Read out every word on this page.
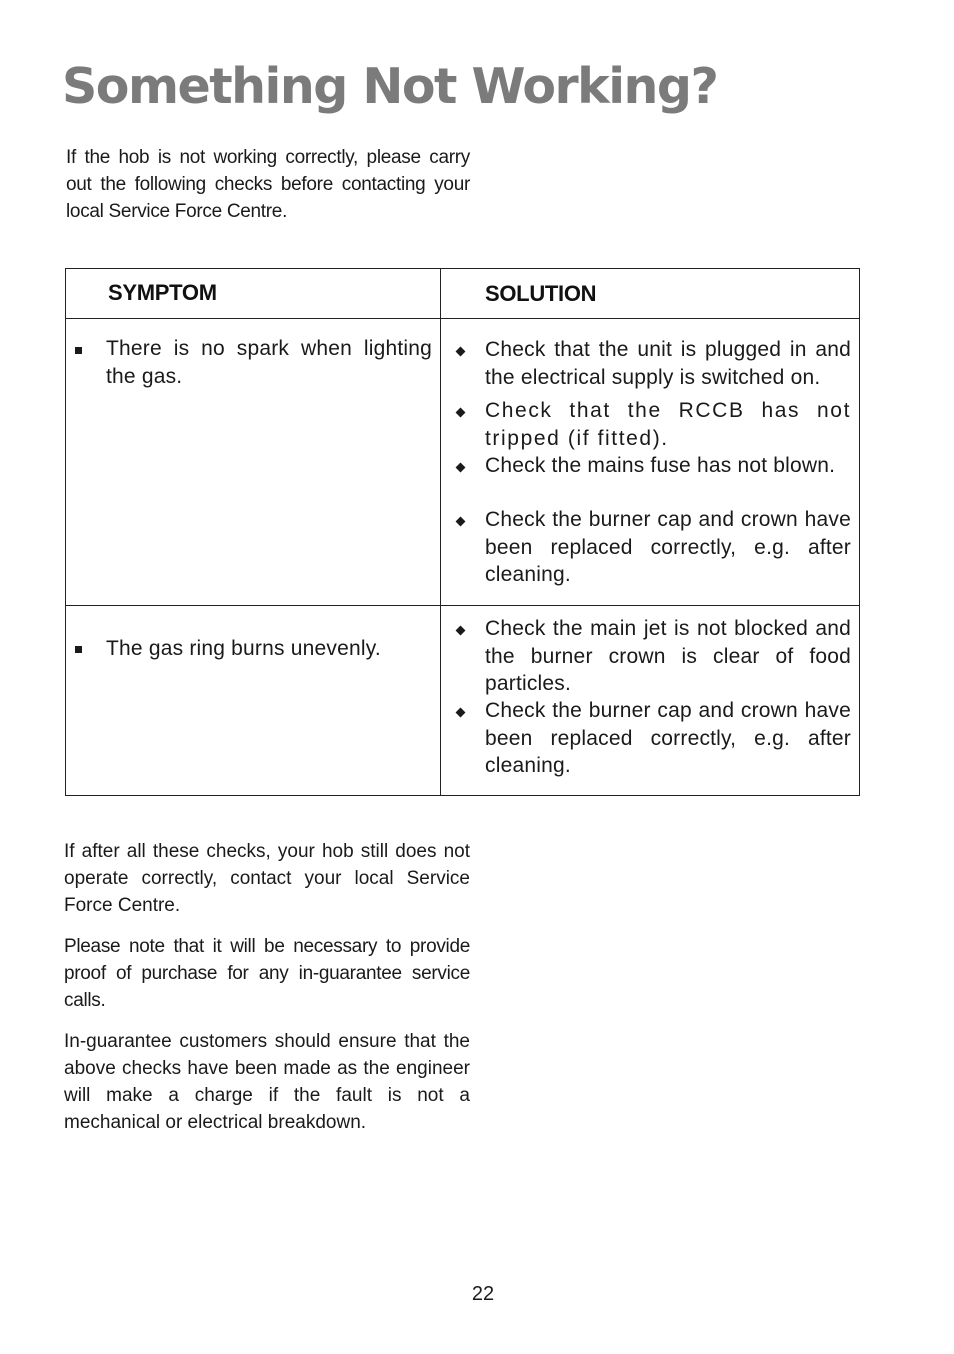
Something Not Working?

If the hob is not working correctly, please carry out the following checks before contacting your local Service Force Centre.

SYMPTOM	SOLUTION
There is no spark when lighting the gas.
Check that the unit is plugged in and the electrical supply is switched on.
Check that the RCCB has not tripped (if fitted).
Check the mains fuse has not blown.
Check the burner cap and crown have been replaced correctly, e.g. after cleaning.
The gas ring burns unevenly.
Check the main jet is not blocked and the burner crown is clear of food particles.
Check the burner cap and crown have been replaced correctly, e.g. after cleaning.

If after all these checks, your hob still does not operate correctly, contact your local Service Force Centre.

Please note that it will be necessary to provide proof of purchase for any in-guarantee service calls.

In-guarantee customers should ensure that the above checks have been made as the engineer will make a charge if the fault is not a mechanical or electrical breakdown.

22
